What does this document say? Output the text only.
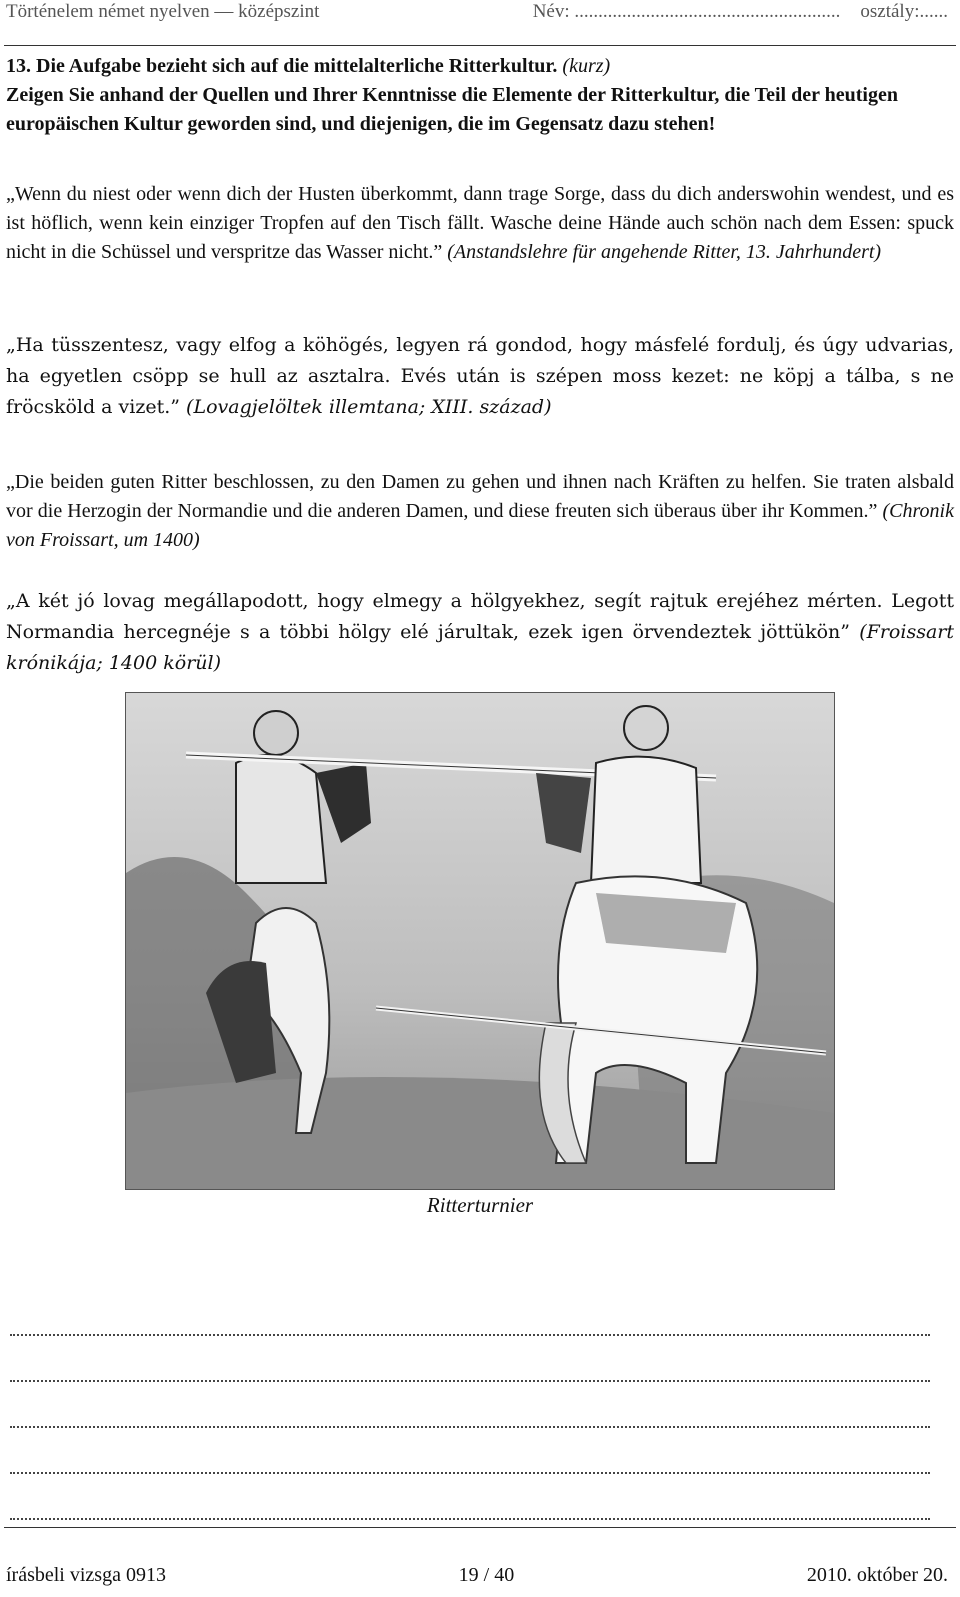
Történelem német nyelven — középszint	Név: ........................................................ osztály:......
13. Die Aufgabe bezieht sich auf die mittelalterliche Ritterkultur. (kurz)
Zeigen Sie anhand der Quellen und Ihrer Kenntnisse die Elemente der Ritterkultur, die Teil der heutigen europäischen Kultur geworden sind, und diejenigen, die im Gegensatz dazu stehen!
„Wenn du niest oder wenn dich der Husten überkommt, dann trage Sorge, dass du dich anderswohin wendest, und es ist höflich, wenn kein einziger Tropfen auf den Tisch fällt. Wasche deine Hände auch schön nach dem Essen: spuck nicht in die Schüssel und verspritze das Wasser nicht.” (Anstandslehre für angehende Ritter, 13. Jahrhundert)
„Ha tüsszentesz, vagy elfog a köhögés, legyen rá gondod, hogy másfelé fordulj, és úgy udvarias, ha egyetlen csöpp se hull az asztalra. Evés után is szépen moss kezet: ne köpj a tálba, s ne fröcsköld a vizet.” (Lovagjelöltek illemtana; XIII. század)
„Die beiden guten Ritter beschlossen, zu den Damen zu gehen und ihnen nach Kräften zu helfen. Sie traten alsbald vor die Herzogin der Normandie und die anderen Damen, und diese freuten sich überaus über ihr Kommen.” (Chronik von Froissart, um 1400)
„A két jó lovag megállapodott, hogy elmegy a hölgyekhez, segít rajtuk erejéhez mérten. Legott Normandia hercegnéje s a többi hölgy elé járultak, ezek igen örvendeztek jöttükön” (Froissart krónikája; 1400 körül)
Ritterturnier
írásbeli vizsga 0913	19 / 40	2010. október 20.
